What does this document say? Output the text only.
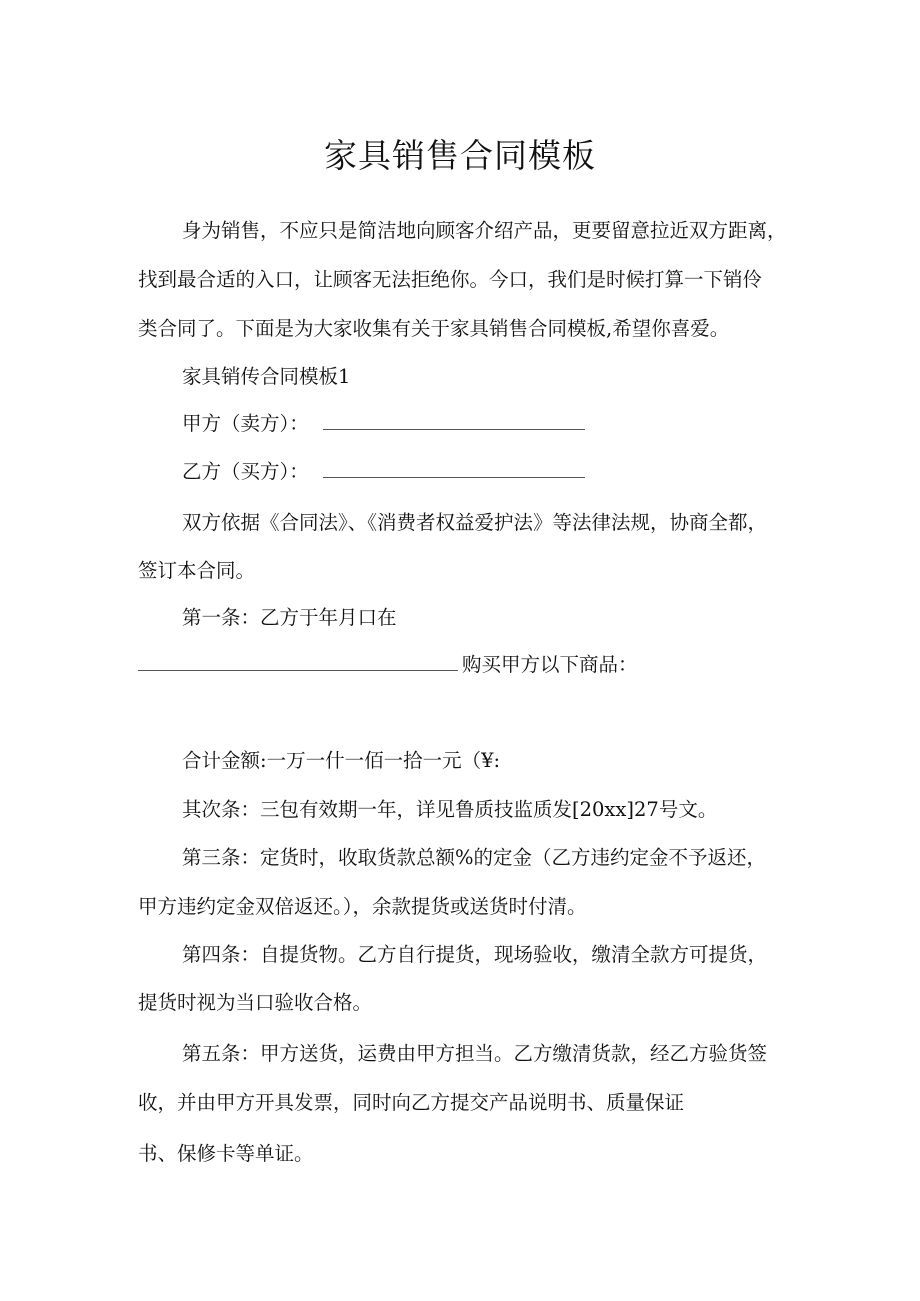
家具销售合同模板
身为销售，不应只是简洁地向顾客介绍产品，更要留意拉近双方距离，
找到最合适的入口，让顾客无法拒绝你。今口，我们是时候打算一下销伶
类合同了。下面是为大家收集有关于家具销售合同模板,希望你喜爱。
家具销传合同模板1
甲方（卖方）：
乙方（买方）：
双方依据《合同法》、《消费者权益爱护法》等法律法规，协商全都，
签订本合同。
第一条：乙方于年月口在
购买甲方以下商品：
合计金额:一万一什一佰一拾一元（¥:
其次条：三包有效期一年，详见鲁质技监质发[20xx]27号文。
第三条：定货时，收取货款总额%的定金（乙方违约定金不予返还，
甲方违约定金双倍返还。），余款提货或送货时付清。
第四条：自提货物。乙方自行提货，现场验收，缴清全款方可提货，
提货时视为当口验收合格。
第五条：甲方送货，运费由甲方担当。乙方缴清货款，经乙方验货签
收，并由甲方开具发票，同时向乙方提交产品说明书、质量保证
书、保修卡等单证。
